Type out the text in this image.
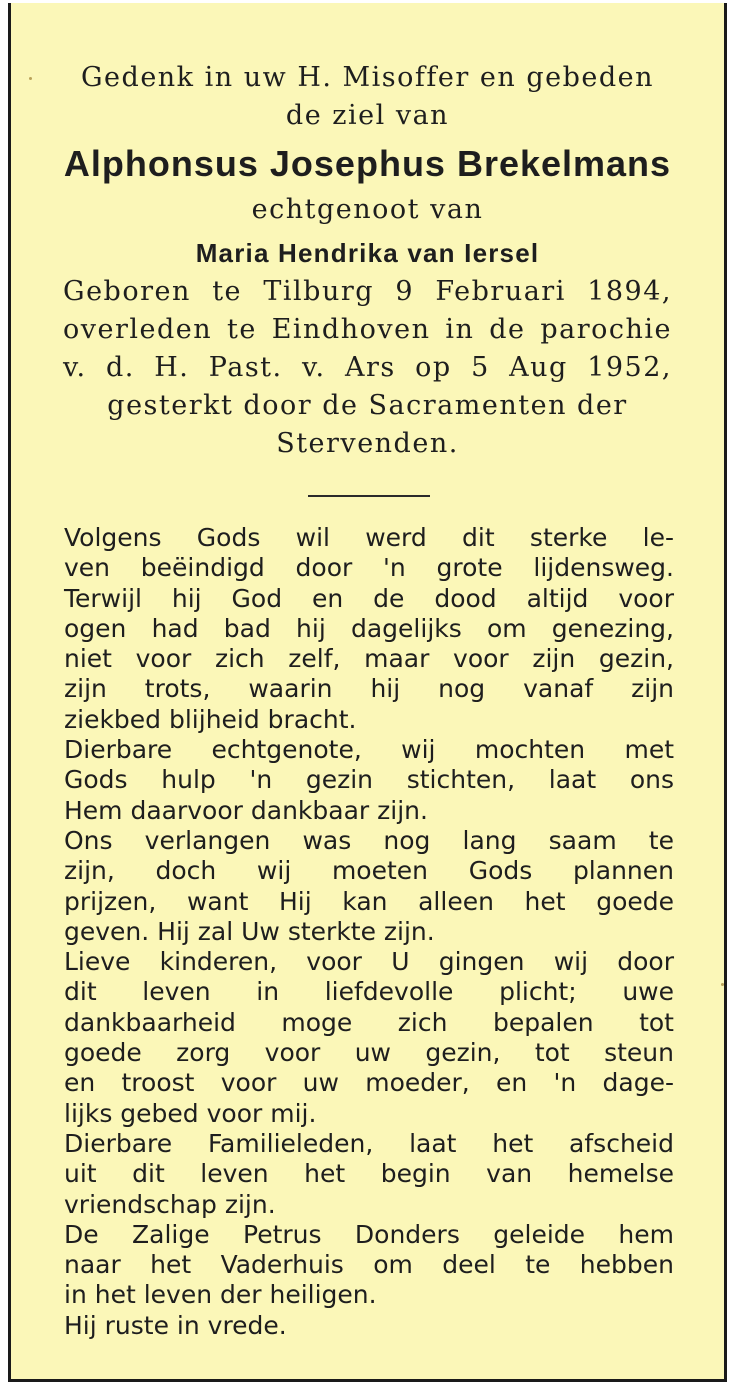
Gedenk in uw H. Misoffer en gebeden
de ziel van
Alphonsus Josephus Brekelmans
echtgenoot van
Maria Hendrika van Iersel
Geboren te Tilburg 9 Februari 1894,
overleden te Eindhoven in de parochie
v. d. H. Past. v. Ars op 5 Aug 1952,
gesterkt door de Sacramenten der
Stervenden.
Volgens Gods wil werd dit sterke le-
ven beëindigd door 'n grote lijdensweg.
Terwijl hij God en de dood altijd voor
ogen had bad hij dagelijks om genezing,
niet voor zich zelf, maar voor zijn gezin,
zijn trots, waarin hij nog vanaf zijn
ziekbed blijheid bracht.
Dierbare echtgenote, wij mochten met
Gods hulp 'n gezin stichten, laat ons
Hem daarvoor dankbaar zijn.
Ons verlangen was nog lang saam te
zijn, doch wij moeten Gods plannen
prijzen, want Hij kan alleen het goede
geven. Hij zal Uw sterkte zijn.
Lieve kinderen, voor U gingen wij door
dit leven in liefdevolle plicht; uwe
dankbaarheid moge zich bepalen tot
goede zorg voor uw gezin, tot steun
en troost voor uw moeder, en 'n dage-
lijks gebed voor mij.
Dierbare Familieleden, laat het afscheid
uit dit leven het begin van hemelse
vriendschap zijn.
De Zalige Petrus Donders geleide hem
naar het Vaderhuis om deel te hebben
in het leven der heiligen.
Hij ruste in vrede.
